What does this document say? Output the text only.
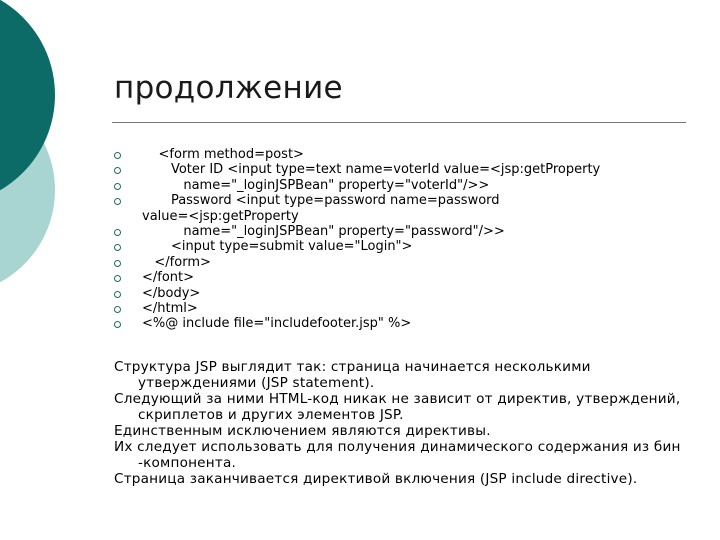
продолжение
<form method=post>
Voter ID <input type=text name=voterId value=<jsp:getProperty
name="_loginJSPBean" property="voterId"/>>
Password <input type=password name=password
value=<jsp:getProperty
name="_loginJSPBean" property="password"/>>
<input type=submit value="Login">
</form>
</font>
</body>
</html>
<%@ include file="includefooter.jsp" %>

Структура JSP выглядит так: страница начинается несколькими утверждениями (JSP statement).

Следующий за ними HTML-код никак не зависит от директив, утверждений, скриплетов и других элементов JSP.

Единственным исключением являются директивы.

Их следует использовать для получения динамического содержания из бин -компонента.

Страница заканчивается директивой включения (JSP include directive).
